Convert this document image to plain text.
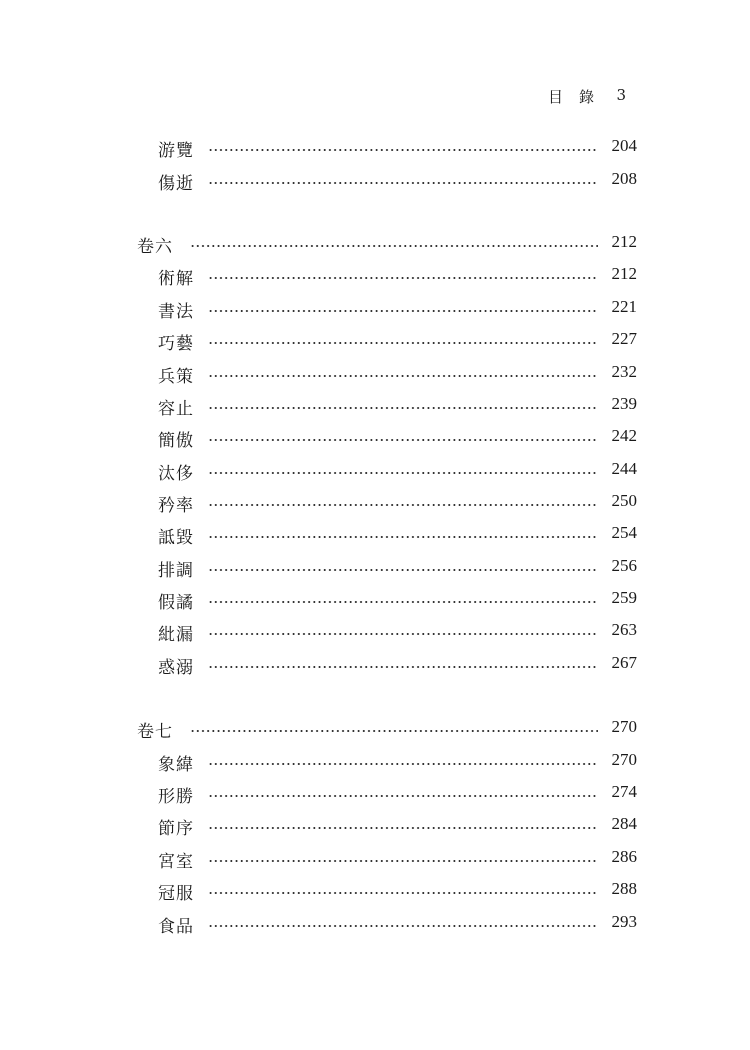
目錄 3
游覽	204
傷逝	208
卷六	212
術解	212
書法	221
巧藝	227
兵策	232
容止	239
簡傲	242
汰侈	244
矜率	250
詆毀	254
排調	256
假譎	259
紕漏	263
惑溺	267
卷七	270
象緯	270
形勝	274
節序	284
宮室	286
冠服	288
食品	293
